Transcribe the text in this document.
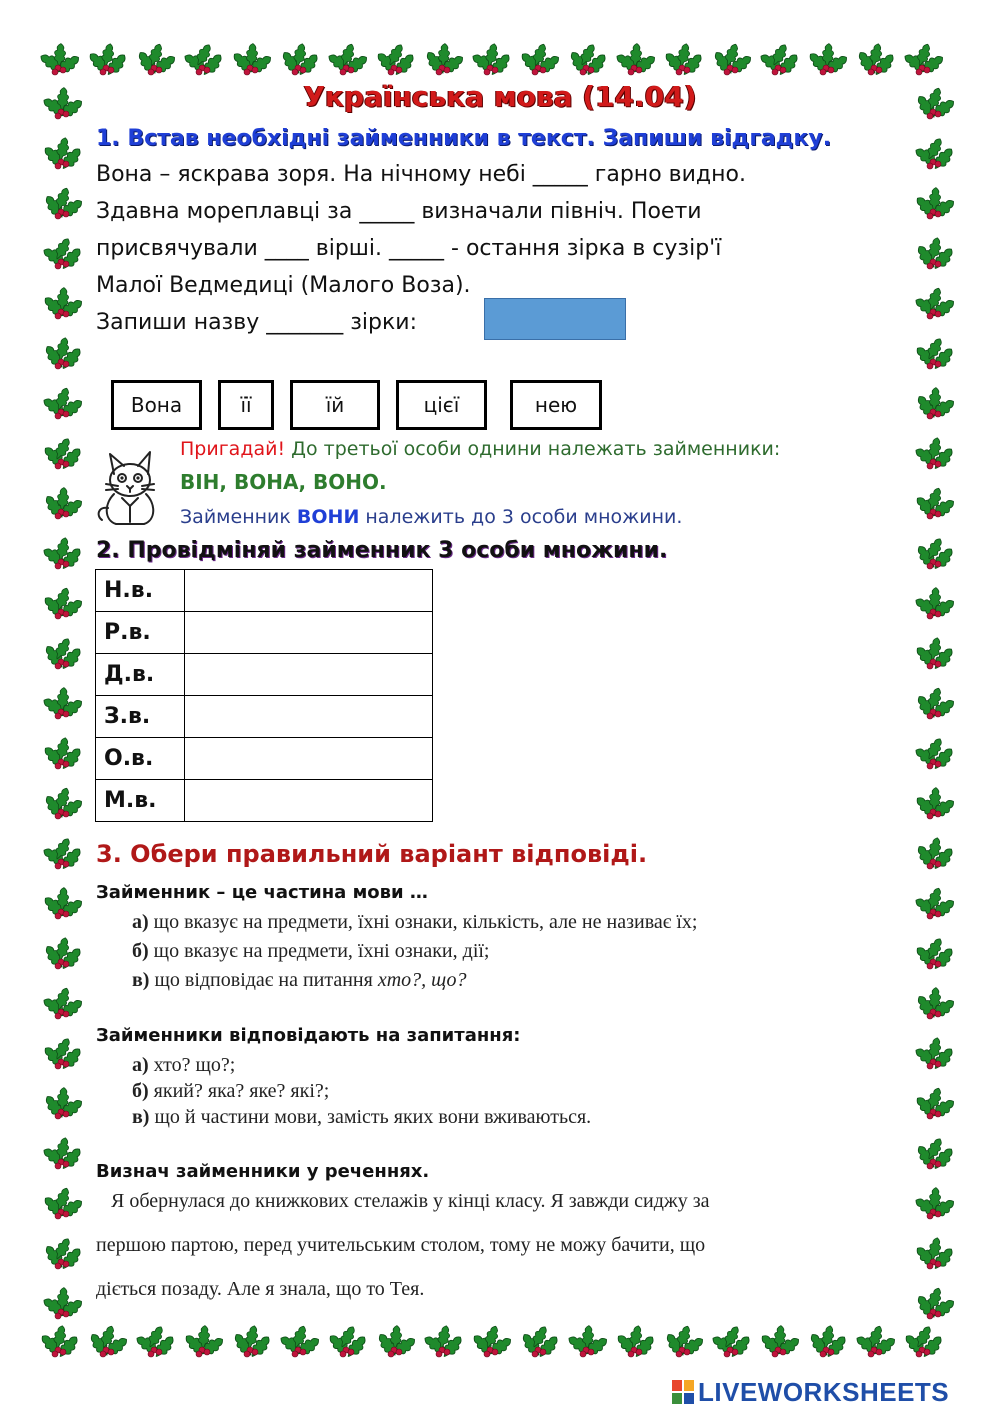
Українська мова (14.04)
1. Встав необхідні займенники в текст. Запиши відгадку.
Вона – яскрава зоря. На нічному небі _____ гарно видно.
Здавна мореплавці за _____ визначали північ. Поети
присвячували ____ вірші. _____ - остання зірка в сузір'ї
Малої Ведмедиці (Малого Воза).
Запиши назву _______ зірки:
Вона	її	їй	цієї	нею
Пригадай! До третьої особи однини належать займенники:
ВІН, ВОНА, ВОНО.
Займенник ВОНИ належить до 3 особи множини.
2. Провідміняй займенник 3 особи множини.
Н.в.	
Р.в.	
Д.в.	
З.в.	
О.в.	
М.в.	
3. Обери правильний варіант відповіді.
Займенник – це частина мови …
а) що вказує на предмети, їхні ознаки, кількість, але не називає їх;
б) що вказує на предмети, їхні ознаки, дії;
в) що відповідає на питання хто?, що?
Займенники відповідають на запитання:
а) хто? що?;
б) який? яка? яке? які?;
в) що й частини мови, замість яких вони вживаються.
Визнач займенники у реченнях.
Я обернулася до книжкових стелажів у кінці класу. Я завжди сиджу за
першою партою, перед учительським столом, тому не можу бачити, що
діється позаду. Але я знала, що то Тея.
LIVEWORKSHEETS
